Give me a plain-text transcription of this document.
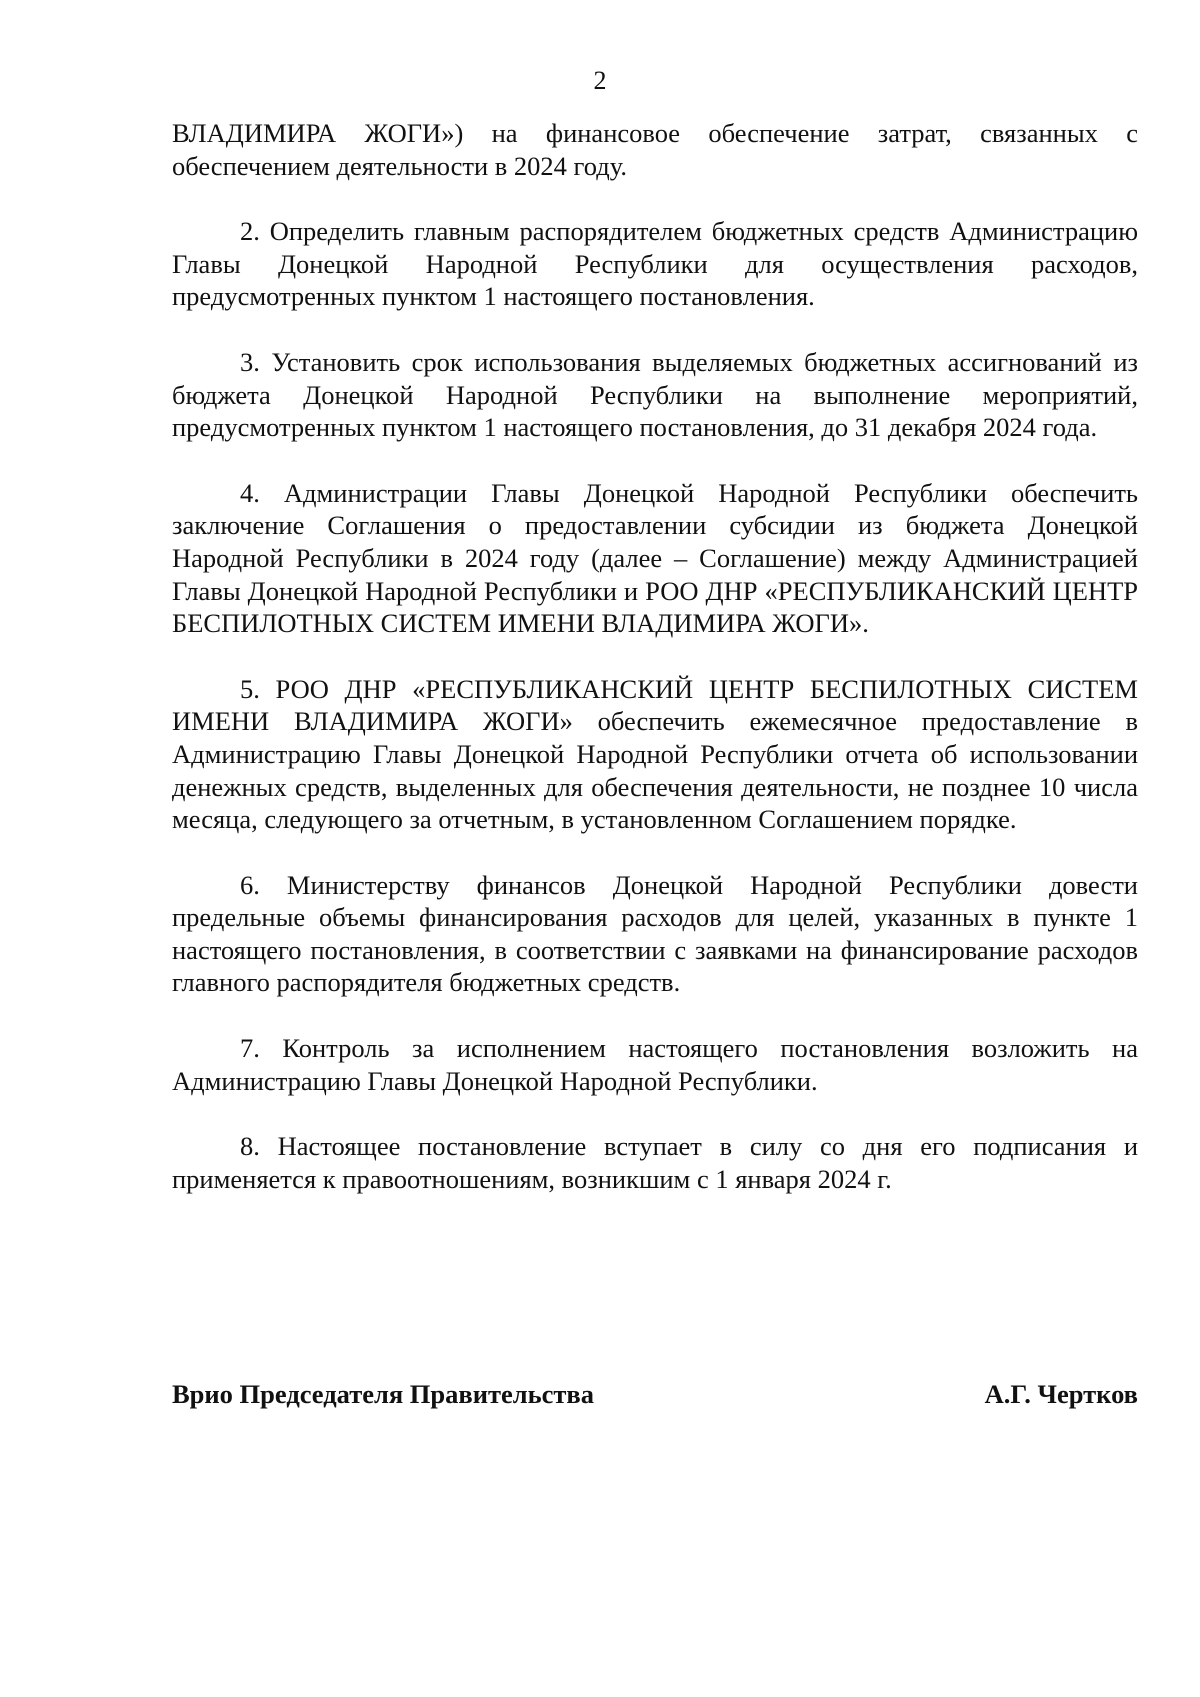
2

ВЛАДИМИРА ЖОГИ») на финансовое обеспечение затрат, связанных с обеспечением деятельности в 2024 году.

2. Определить главным распорядителем бюджетных средств Администрацию Главы Донецкой Народной Республики для осуществления расходов, предусмотренных пунктом 1 настоящего постановления.

3. Установить срок использования выделяемых бюджетных ассигнований из бюджета Донецкой Народной Республики на выполнение мероприятий, предусмотренных пунктом 1 настоящего постановления, до 31 декабря 2024 года.

4. Администрации Главы Донецкой Народной Республики обеспечить заключение Соглашения о предоставлении субсидии из бюджета Донецкой Народной Республики в 2024 году (далее – Соглашение) между Администрацией Главы Донецкой Народной Республики и РОО ДНР «РЕСПУБЛИКАНСКИЙ ЦЕНТР БЕСПИЛОТНЫХ СИСТЕМ ИМЕНИ ВЛАДИМИРА ЖОГИ».

5. РОО ДНР «РЕСПУБЛИКАНСКИЙ ЦЕНТР БЕСПИЛОТНЫХ СИСТЕМ ИМЕНИ ВЛАДИМИРА ЖОГИ» обеспечить ежемесячное предоставление в Администрацию Главы Донецкой Народной Республики отчета об использовании денежных средств, выделенных для обеспечения деятельности, не позднее 10 числа месяца, следующего за отчетным, в установленном Соглашением порядке.

6. Министерству финансов Донецкой Народной Республики довести предельные объемы финансирования расходов для целей, указанных в пункте 1 настоящего постановления, в соответствии с заявками на финансирование расходов главного распорядителя бюджетных средств.

7. Контроль за исполнением настоящего постановления возложить на Администрацию Главы Донецкой Народной Республики.

8. Настоящее постановление вступает в силу со дня его подписания и применяется к правоотношениям, возникшим с 1 января 2024 г.

Врио Председателя Правительства	А.Г. Чертков
